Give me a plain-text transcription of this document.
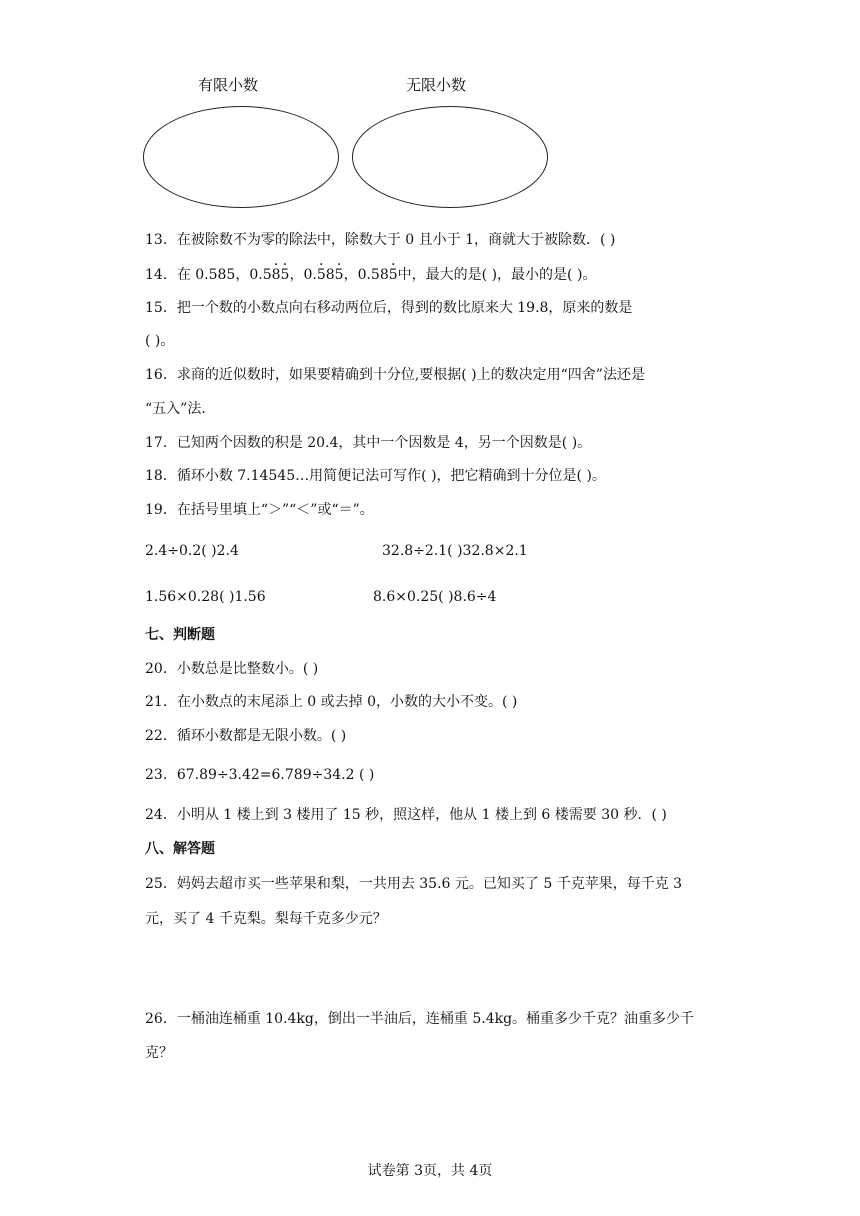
有限小数	无限小数
13．在被除数不为零的除法中，除数大于 0 且小于 1，商就大于被除数．( )
14．在 0.585，0.58 ·5 ·，0.5 ·85 ·，0.585 ·中，最大的是( )，最小的是( )。
15．把一个数的小数点向右移动两位后，得到的数比原来大 19.8，原来的数是
( )。
16．求商的近似数时，如果要精确到十分位,要根据( )上的数决定用“四舍”法还是
“五入”法.
17．已知两个因数的积是 20.4，其中一个因数是 4，另一个因数是( )。
18．循环小数 7.14545…用简便记法可写作( )，把它精确到十分位是( )。
19．在括号里填上“＞”“＜”或“＝”。
2.4÷0.2( )2.4	32.8÷2.1( )32.8×2.1
1.56×0.28( )1.56	8.6×0.25( )8.6÷4
七、判断题
20．小数总是比整数小。( )
21．在小数点的末尾添上 0 或去掉 0，小数的大小不变。( )
22．循环小数都是无限小数。( )
23．67.89÷3.42=6.789÷34.2 ( )
24．小明从 1 楼上到 3 楼用了 15 秒，照这样，他从 1 楼上到 6 楼需要 30 秒．( )
八、解答题
25．妈妈去超市买一些苹果和梨，一共用去 35.6 元。已知买了 5 千克苹果，每千克 3
元，买了 4 千克梨。梨每千克多少元？
26．一桶油连桶重 10.4kg，倒出一半油后，连桶重 5.4kg。桶重多少千克？油重多少千
克？
试卷第 3页，共 4页
